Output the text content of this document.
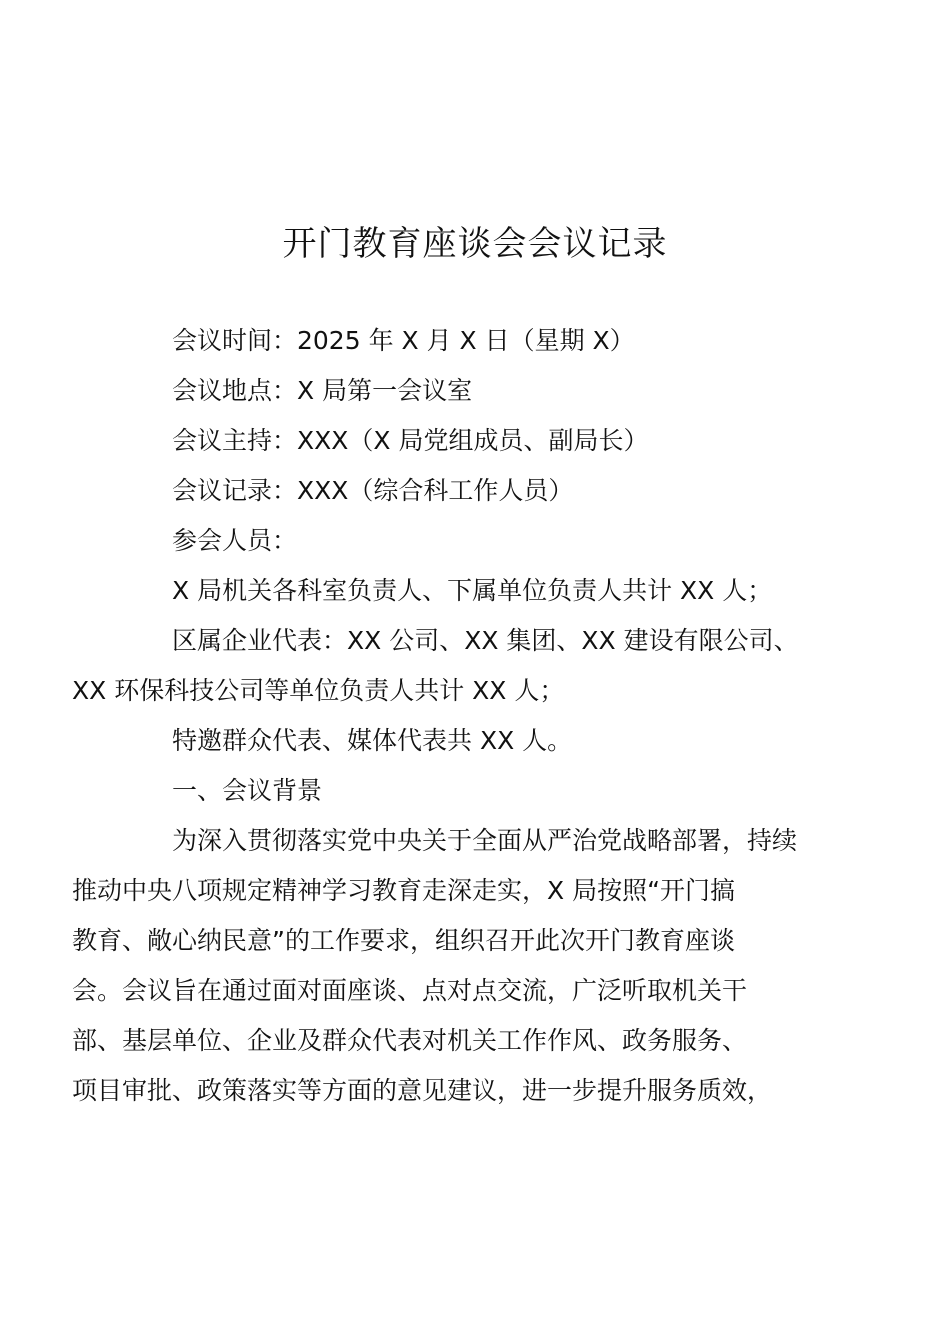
开门教育座谈会会议记录

会议时间：2025 年 X 月 X 日（星期 X）

会议地点：X 局第一会议室

会议主持：XXX（X 局党组成员、副局长）

会议记录：XXX（综合科工作人员）

参会人员：

X 局机关各科室负责人、下属单位负责人共计 XX 人；

区属企业代表：XX 公司、XX 集团、XX 建设有限公司、
XX 环保科技公司等单位负责人共计 XX 人；

特邀群众代表、媒体代表共 XX 人。

一、会议背景

为深入贯彻落实党中央关于全面从严治党战略部署，持续
推动中央八项规定精神学习教育走深走实，X 局按照“开门搞
教育、敞心纳民意”的工作要求，组织召开此次开门教育座谈
会。会议旨在通过面对面座谈、点对点交流，广泛听取机关干
部、基层单位、企业及群众代表对机关工作作风、政务服务、
项目审批、政策落实等方面的意见建议，进一步提升服务质效，
